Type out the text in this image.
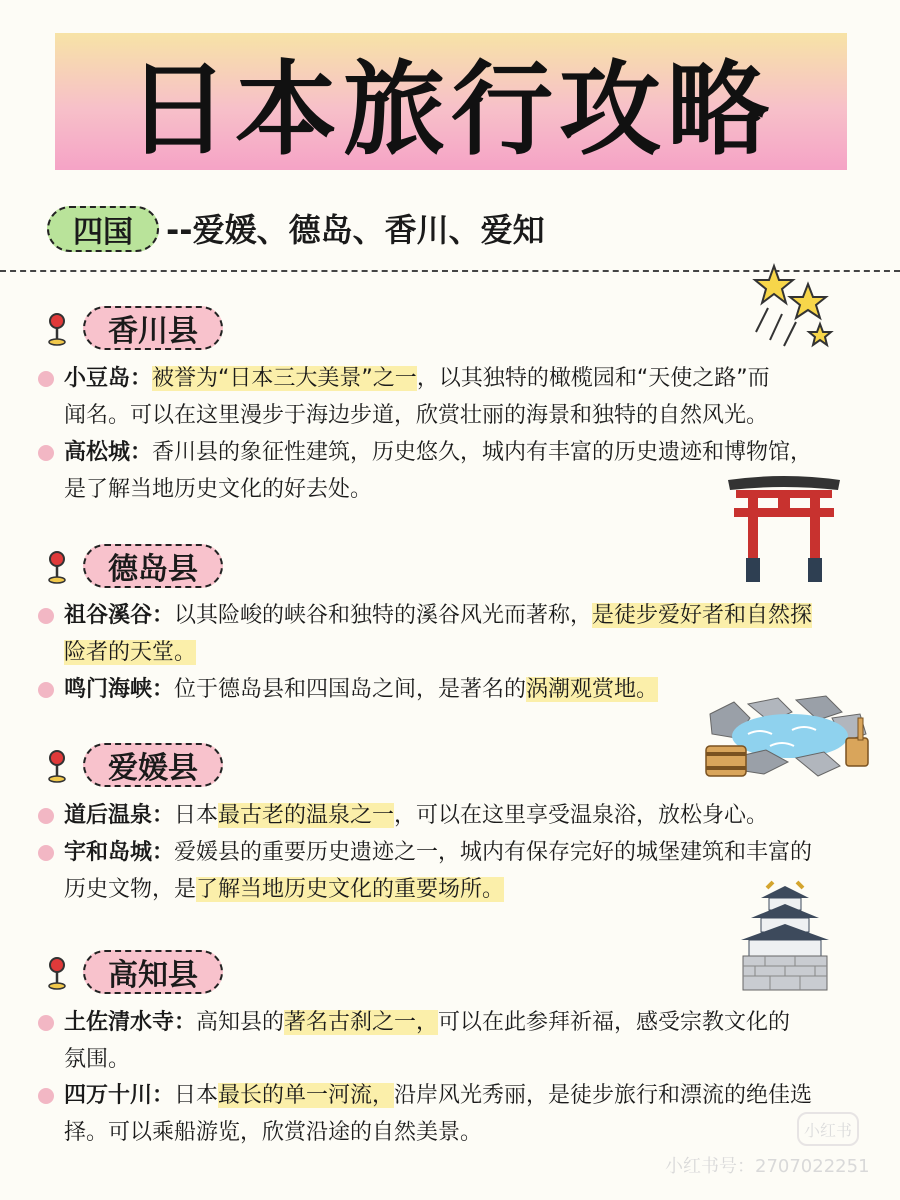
日本旅行攻略
四国	--爱媛、德岛、香川、爱知
香川县
小豆岛：被誉为“日本三大美景”之一，以其独特的橄榄园和“天使之路”而
闻名。可以在这里漫步于海边步道，欣赏壮丽的海景和独特的自然风光。
高松城：香川县的象征性建筑，历史悠久，城内有丰富的历史遗迹和博物馆，
是了解当地历史文化的好去处。
德岛县
祖谷溪谷：以其险峻的峡谷和独特的溪谷风光而著称，是徒步爱好者和自然探
险者的天堂。
鸣门海峡：位于德岛县和四国岛之间，是著名的涡潮观赏地。
爱媛县
道后温泉：日本最古老的温泉之一，可以在这里享受温泉浴，放松身心。
宇和岛城：爱媛县的重要历史遗迹之一，城内有保存完好的城堡建筑和丰富的
历史文物，是了解当地历史文化的重要场所。
高知县
土佐清水寺：高知县的著名古刹之一，可以在此参拜祈福，感受宗教文化的
氛围。
四万十川：日本最长的单一河流，沿岸风光秀丽，是徒步旅行和漂流的绝佳选
择。可以乘船游览，欣赏沿途的自然美景。	小红书
小红书号：2707022251
